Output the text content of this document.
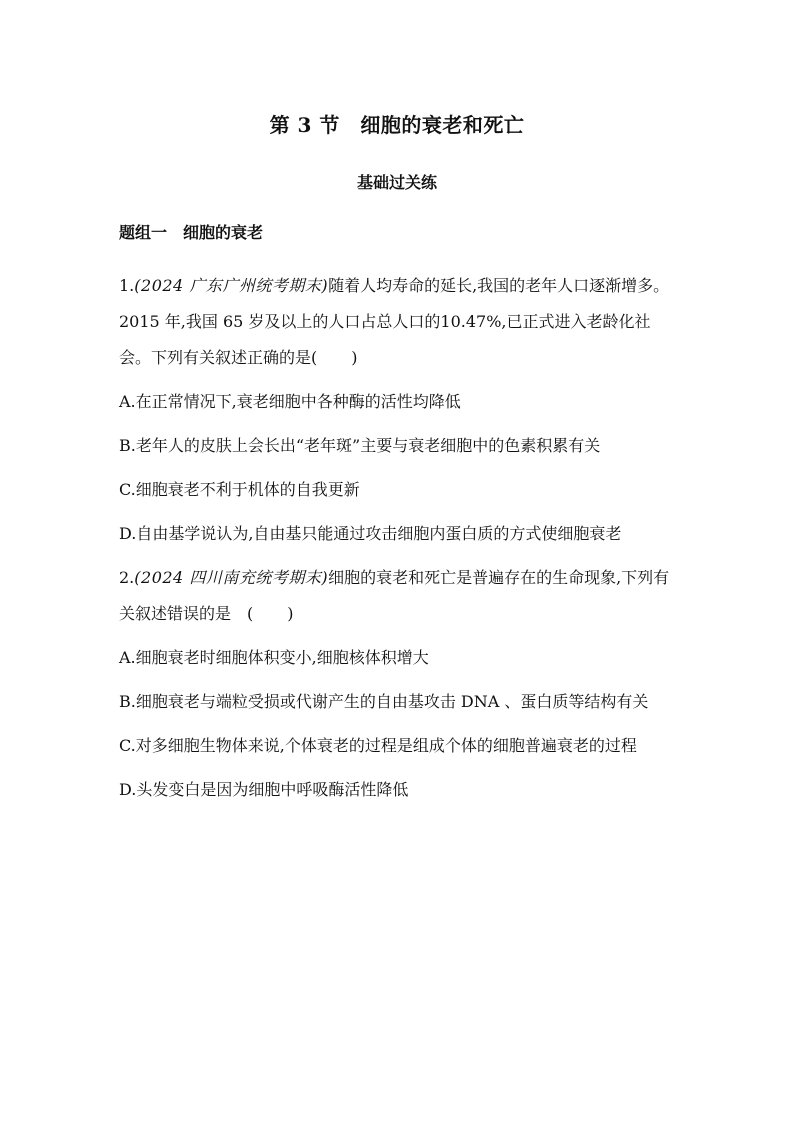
第 3 节　细胞的衰老和死亡
基础过关练
题组一　细胞的衰老
1.(2024 广东广州统考期末)随着人均寿命的延长,我国的老年人口逐渐增多。2015 年,我国 65 岁及以上的人口占总人口的10.47%,已正式进入老龄化社会。下列有关叙述正确的是( )
A.在正常情况下,衰老细胞中各种酶的活性均降低
B.老年人的皮肤上会长出“老年斑”主要与衰老细胞中的色素积累有关
C.细胞衰老不利于机体的自我更新
D.自由基学说认为,自由基只能通过攻击细胞内蛋白质的方式使细胞衰老
2.(2024 四川南充统考期末)细胞的衰老和死亡是普遍存在的生命现象,下列有关叙述错误的是　( )
A.细胞衰老时细胞体积变小,细胞核体积增大
B.细胞衰老与端粒受损或代谢产生的自由基攻击 DNA 、蛋白质等结构有关
C.对多细胞生物体来说,个体衰老的过程是组成个体的细胞普遍衰老的过程
D.头发变白是因为细胞中呼吸酶活性降低
